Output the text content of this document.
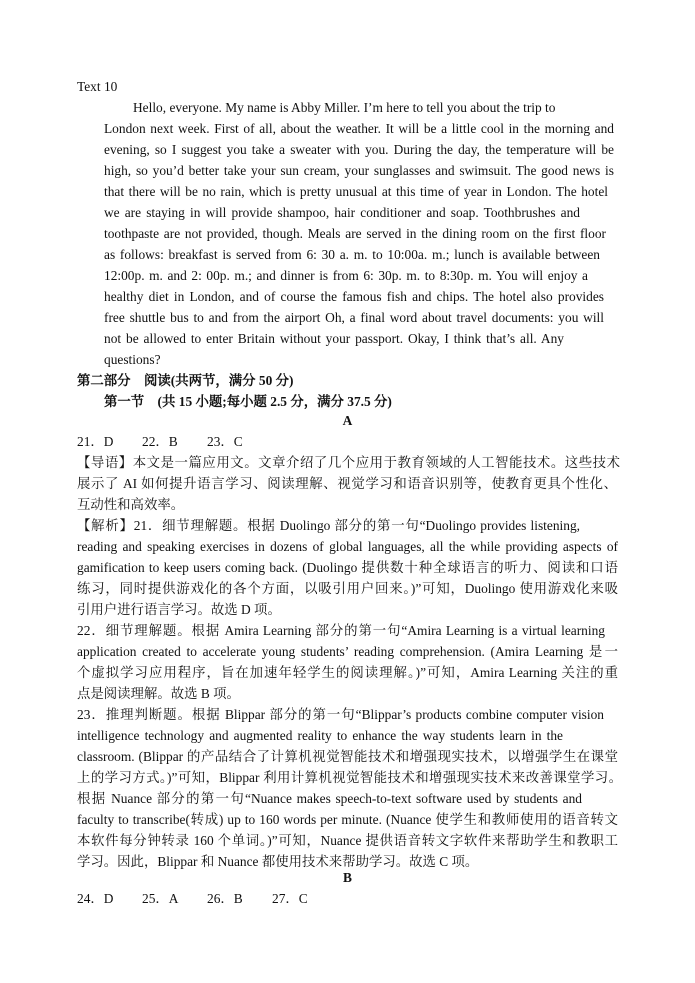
Text 10
Hello, everyone. My name is Abby Miller. I’m here to tell you about the trip to
London next week. First of all, about the weather. It will be a little cool in the morning and
evening, so I suggest you take a sweater with you. During the day, the temperature will be
high, so you’d better take your sun cream, your sunglasses and swimsuit. The good news is
that there will be no rain, which is pretty unusual at this time of year in London. The hotel
we are staying in will provide shampoo, hair conditioner and soap. Toothbrushes and
toothpaste are not provided, though. Meals are served in the dining room on the first floor
as follows: breakfast is served from 6: 30 a. m. to 10:00a. m.; lunch is available between
12:00p. m. and 2: 00p. m.; and dinner is from 6: 30p. m. to 8:30p. m. You will enjoy a
healthy diet in London, and of course the famous fish and chips. The hotel also provides
free shuttle bus to and from the airport Oh, a final word about travel documents: you will
not be allowed to enter Britain without your passport. Okay, I think that’s all. Any
questions?
第二部分　阅读(共两节，满分 50 分)
第一节　(共 15 小题;每小题 2.5 分，满分 37.5 分)
A
21．D 22．B 23．C
【导语】本文是一篇应用文。文章介绍了几个应用于教育领域的人工智能技术。这些技术
展示了 AI 如何提升语言学习、阅读理解、视觉学习和语音识别等，使教育更具个性化、
互动性和高效率。
【解析】21．细节理解题。根据 Duolingo 部分的第一句“Duolingo provides listening,
reading and speaking exercises in dozens of global languages, all the while providing aspects of
gamification to keep users coming back. (Duolingo 提供数十种全球语言的听力、阅读和口语
练习，同时提供游戏化的各个方面，以吸引用户回来。)”可知，Duolingo 使用游戏化来吸
引用户进行语言学习。故选 D 项。
22．细节理解题。根据 Amira Learning 部分的第一句“Amira Learning is a virtual learning
application created to accelerate young students’ reading comprehension. (Amira Learning 是一
个虚拟学习应用程序，旨在加速年轻学生的阅读理解。)”可知，Amira Learning 关注的重
点是阅读理解。故选 B 项。
23．推理判断题。根据 Blippar 部分的第一句“Blippar’s products combine computer vision
intelligence technology and augmented reality to enhance the way students learn in the
classroom. (Blippar 的产品结合了计算机视觉智能技术和增强现实技术，以增强学生在课堂
上的学习方式。)”可知，Blippar 利用计算机视觉智能技术和增强现实技术来改善课堂学习。
根据 Nuance 部分的第一句“Nuance makes speech-to-text software used by students and
faculty to transcribe(转成) up to 160 words per minute. (Nuance 使学生和教师使用的语音转文
本软件每分钟转录 160 个单词。)”可知，Nuance 提供语音转文字软件来帮助学生和教职工
学习。因此，Blippar 和 Nuance 都使用技术来帮助学习。故选 C 项。
B
24．D 25．A 26．B 27．C
